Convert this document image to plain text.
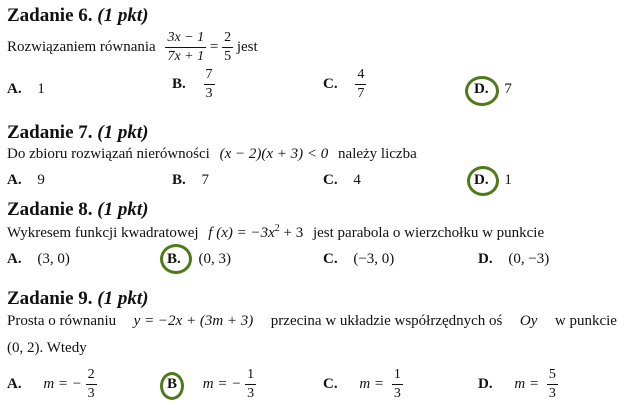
Zadanie 6. (1 pkt)
Rozwiązaniem równania $\frac{3x - 1}{7x + 1} = \frac{2}{5}$ jest
A. 1	B. $\frac{7}{3}$	C. $\frac{4}{7}$	D. 7
Zadanie 7. (1 pkt)
Do zbioru rozwiązań nierówności (x − 2)(x + 3) < 0 należy liczba
A. 9	B. 7	C. 4	D. 1
Zadanie 8. (1 pkt)
Wykresem funkcji kwadratowej f $(x) = -3x^2 + 3$ jest parabola o wierzchołku w punkcie
A. (3, 0)	B. (0, 3)	C. (−3, 0)	D. (0, −3)
Zadanie 9. (1 pkt)
Prosta o równaniu y = −2x + (3m + 3) przecina w układzie współrzędnych oś Oy w punkcie
(0, 2). Wtedy
A. m = − $\frac{2}{3}$	B m = − $\frac{1}{3}$	C. $m = \frac{1}{3}$	D. $m = \frac{5}{3}$
